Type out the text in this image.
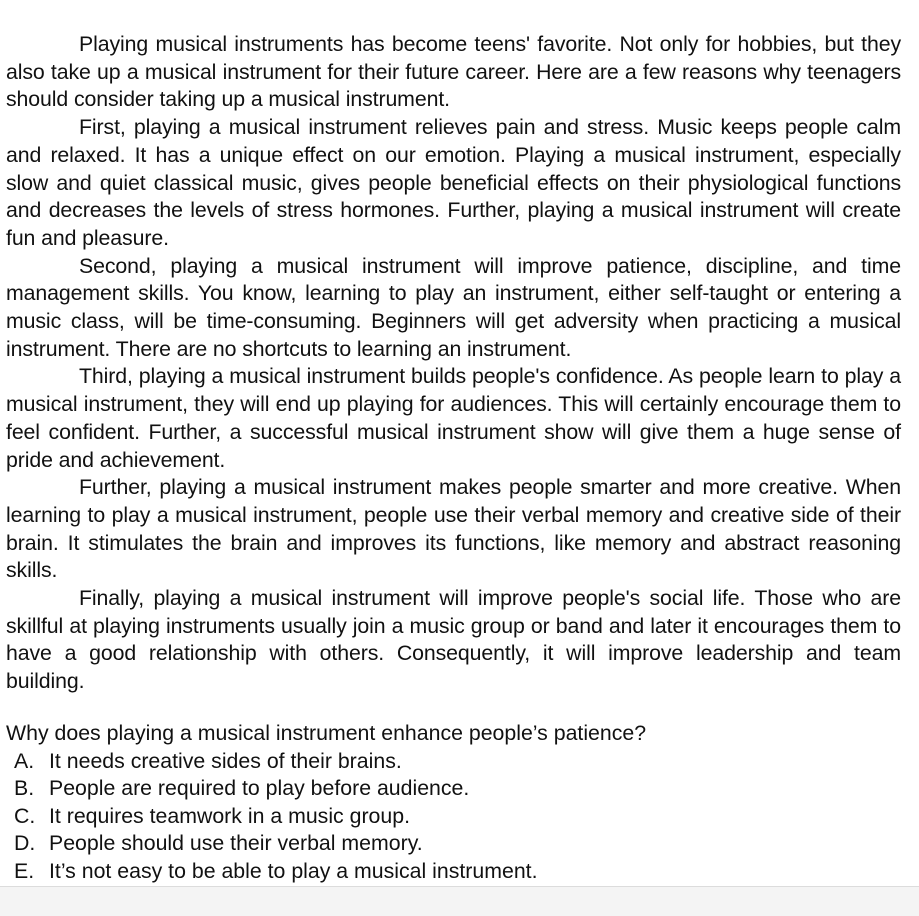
Playing musical instruments has become teens' favorite. Not only for hobbies, but they also take up a musical instrument for their future career. Here are a few reasons why teenagers should consider taking up a musical instrument.

First, playing a musical instrument relieves pain and stress. Music keeps people calm and relaxed. It has a unique effect on our emotion. Playing a musical instrument, especially slow and quiet classical music, gives people beneficial effects on their physiological functions and decreases the levels of stress hormones. Further, playing a musical instrument will create fun and pleasure.

Second, playing a musical instrument will improve patience, discipline, and time management skills. You know, learning to play an instrument, either self-taught or entering a music class, will be time-consuming. Beginners will get adversity when practicing a musical instrument. There are no shortcuts to learning an instrument.

Third, playing a musical instrument builds people's confidence. As people learn to play a musical instrument, they will end up playing for audiences. This will certainly encourage them to feel confident. Further, a successful musical instrument show will give them a huge sense of pride and achievement.

Further, playing a musical instrument makes people smarter and more creative. When learning to play a musical instrument, people use their verbal memory and creative side of their brain. It stimulates the brain and improves its functions, like memory and abstract reasoning skills.

Finally, playing a musical instrument will improve people's social life. Those who are skillful at playing instruments usually join a music group or band and later it encourages them to have a good relationship with others. Consequently, it will improve leadership and team building.

Why does playing a musical instrument enhance people’s patience?

A. It needs creative sides of their brains.
B. People are required to play before audience.
C. It requires teamwork in a music group.
D. People should use their verbal memory.
E. It’s not easy to be able to play a musical instrument.
